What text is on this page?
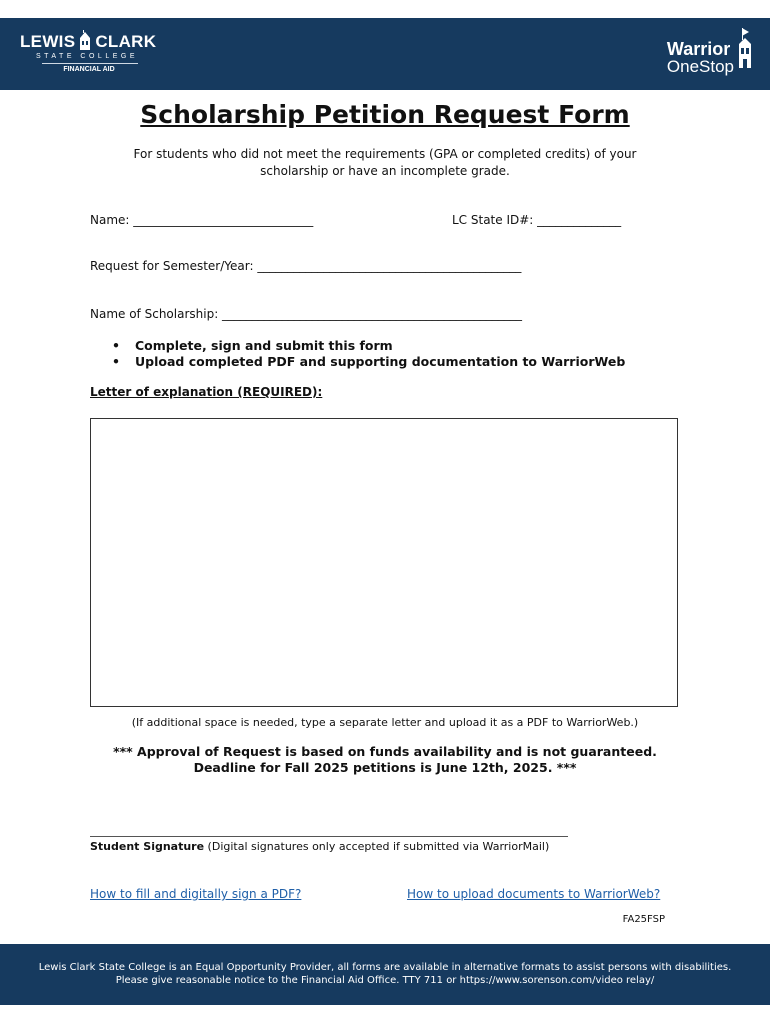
LEWIS CLARK
STATE COLLEGE
FINANCIAL AID
Warrior
OneStop
Scholarship Petition Request Form
For students who did not meet the requirements (GPA or completed credits) of your scholarship or have an incomplete grade.
Name: ______________________________	LC State ID#: ______________
Request for Semester/Year: ____________________________________________
Name of Scholarship: __________________________________________________
• Complete, sign and submit this form
• Upload completed PDF and supporting documentation to WarriorWeb
Letter of explanation (REQUIRED):
(If additional space is needed, type a separate letter and upload it as a PDF to WarriorWeb.)
*** Approval of Request is based on funds availability and is not guaranteed.
Deadline for Fall 2025 petitions is June 12th, 2025. ***
Student Signature (Digital signatures only accepted if submitted via WarriorMail)
How to fill and digitally sign a PDF?	How to upload documents to WarriorWeb?
FA25FSP
Lewis Clark State College is an Equal Opportunity Provider, all forms are available in alternative formats to assist persons with disabilities.
Please give reasonable notice to the Financial Aid Office. TTY 711 or https://www.sorenson.com/video relay/
